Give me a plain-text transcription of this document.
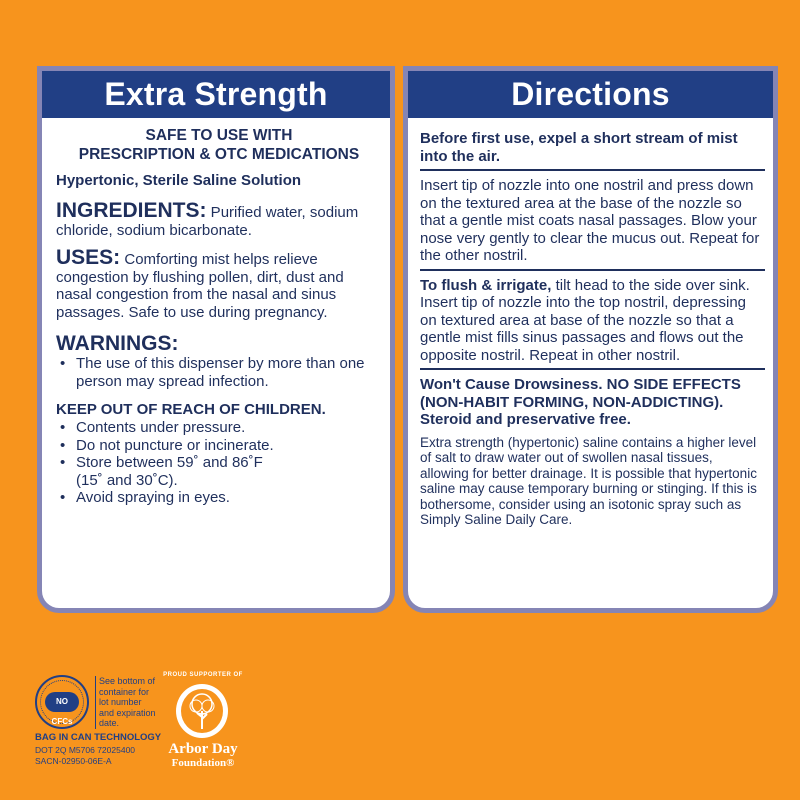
Extra Strength
SAFE TO USE WITH
PRESCRIPTION & OTC MEDICATIONS
Hypertonic, Sterile Saline Solution
INGREDIENTS: Purified water, sodium chloride, sodium bicarbonate.
USES: Comforting mist helps relieve congestion by flushing pollen, dirt, dust and nasal congestion from the nasal and sinus passages. Safe to use during pregnancy.
WARNINGS:
• The use of this dispenser by more than one person may spread infection.
KEEP OUT OF REACH OF CHILDREN.
• Contents under pressure.
• Do not puncture or incinerate.
• Store between 59˚ and 86˚F (15˚ and 30˚C).
• Avoid spraying in eyes.
Directions
Before first use, expel a short stream of mist into the air.
Insert tip of nozzle into one nostril and press down on the textured area at the base of the nozzle so that a gentle mist coats nasal passages. Blow your nose very gently to clear the mucus out. Repeat for the other nostril.
To flush & irrigate, tilt head to the side over sink. Insert tip of nozzle into the top nostril, depressing on textured area at base of the nozzle so that a gentle mist fills sinus passages and flows out the opposite nostril. Repeat in other nostril.
Won't Cause Drowsiness. NO SIDE EFFECTS (NON-HABIT FORMING, NON-ADDICTING). Steroid and preservative free.
Extra strength (hypertonic) saline contains a higher level of salt to draw water out of swollen nasal tissues, allowing for better drainage. It is possible that hypertonic saline may cause temporary burning or stinging. If this is bothersome, consider using an isotonic spray such as Simply Saline Daily Care.
NO CFCs
See bottom of container for lot number and expiration date.
BAG IN CAN TECHNOLOGY
DOT 2Q M5706 72025400
SACN-02950-06E-A
PROUD SUPPORTER OF
Arbor Day
Foundation®
